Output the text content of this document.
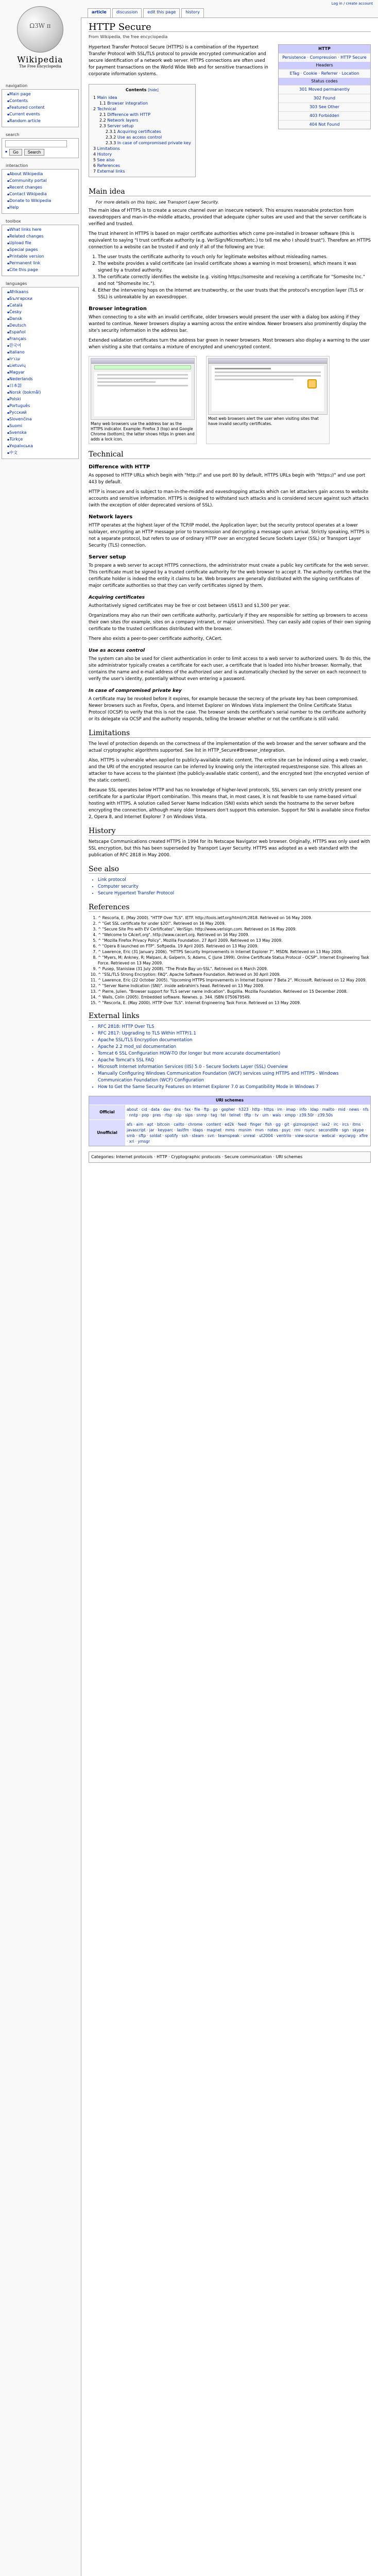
Log in / create account
article	discussion	edit this page	history
ΩЗW п
Wikipedia
The Free Encyclopedia
navigation
▪ Main page
▪ Contents
▪ Featured content
▪ Current events
▪ Random article
search
▪ Go	Search
interaction
▪ About Wikipedia
▪ Community portal
▪ Recent changes
▪ Contact Wikipedia
▪ Donate to Wikipedia
▪ Help
toolbox
▪ What links here
▪ Related changes
▪ Upload file
▪ Special pages
▪ Printable version
▪ Permanent link
▪ Cite this page
languages
▪ Afrikaans
▪ Български
▪ Català
▪ Česky
▪ Dansk
▪ Deutsch
▪ Español
▪ Français
▪ 한국어
▪ Italiano
▪ עברית
▪ Lietuvių
▪ Magyar
▪ Nederlands
▪ 日本語
▪ Norsk (bokmål)
▪ Polski
▪ Português
▪ Русский
▪ Slovenčina
▪ Suomi
▪ Svenska
▪ Türkçe
▪ Українська
▪ 中文
HTTP Secure
From Wikipedia, the free encyclopedia
HTTP
Persistence · Compression · HTTP Secure
Headers
ETag · Cookie · Referrer · Location
Status codes
301 Moved permanently
302 Found
303 See Other
403 Forbidden
404 Not Found

Hypertext Transfer Protocol Secure (HTTPS) is a combination of the Hypertext Transfer Protocol with SSL/TLS protocol to provide encrypted communication and secure identification of a network web server. HTTPS connections are often used for payment transactions on the World Wide Web and for sensitive transactions in corporate information systems.

Contents [hide]
1 Main idea
1.1 Browser integration
2 Technical
2.1 Difference with HTTP
2.2 Network layers
2.3 Server setup
2.3.1 Acquiring certificates
2.3.2 Use as access control
2.3.3 In case of compromised private key
3 Limitations
4 History
5 See also
6 References
7 External links
Main idea
For more details on this topic, see Transport Layer Security.

The main idea of HTTPS is to create a secure channel over an insecure network. This ensures reasonable protection from eavesdroppers and man-in-the-middle attacks, provided that adequate cipher suites are used and that the server certificate is verified and trusted.

The trust inherent in HTTPS is based on major certificate authorities which come pre-installed in browser software (this is equivalent to saying "I trust certificate authority (e.g. VeriSign/Microsoft/etc.) to tell me who I should trust"). Therefore an HTTPS connection to a website can be trusted if and only if all of the following are true:

1. The user trusts the certificate authority to vouch only for legitimate websites without misleading names.
2. The website provides a valid certificate (an invalid certificate shows a warning in most browsers), which means it was signed by a trusted authority.
3. The certificate correctly identifies the website (e.g. visiting https://somesite and receiving a certificate for "Somesite Inc." and not "Shomesite Inc.").
4. Either the intervening hops on the Internet are trustworthy, or the user trusts that the protocol's encryption layer (TLS or SSL) is unbreakable by an eavesdropper.
Browser integration

When connecting to a site with an invalid certificate, older browsers would present the user with a dialog box asking if they wanted to continue. Newer browsers display a warning across the entire window. Newer browsers also prominently display the site's security information in the address bar.

Extended validation certificates turn the address bar green in newer browsers. Most browsers also display a warning to the user when visiting a site that contains a mixture of encrypted and unencrypted content.

Many web browsers use the address bar as the HTTPS indicator. Example: Firefox 3 (top) and Google Chrome (bottom); the latter shows https in green and adds a lock icon.
Most web browsers alert the user when visiting sites that have invalid security certificates.
Technical
Difference with HTTP

As opposed to HTTP URLs which begin with "http://" and use port 80 by default, HTTPS URLs begin with "https://" and use port 443 by default.

HTTP is insecure and is subject to man-in-the-middle and eavesdropping attacks which can let attackers gain access to website accounts and sensitive information. HTTPS is designed to withstand such attacks and is considered secure against such attacks (with the exception of older deprecated versions of SSL).

Network layers

HTTP operates at the highest layer of the TCP/IP model, the Application layer; but the security protocol operates at a lower sublayer, encrypting an HTTP message prior to transmission and decrypting a message upon arrival. Strictly speaking, HTTPS is not a separate protocol, but refers to use of ordinary HTTP over an encrypted Secure Sockets Layer (SSL) or Transport Layer Security (TLS) connection.

Server setup

To prepare a web server to accept HTTPS connections, the administrator must create a public key certificate for the web server. This certificate must be signed by a trusted certificate authority for the web browser to accept it. The authority certifies that the certificate holder is indeed the entity it claims to be. Web browsers are generally distributed with the signing certificates of major certificate authorities so that they can verify certificates signed by them.

Acquiring certificates

Authoritatively signed certificates may be free or cost between US$13 and $1,500 per year.

Organizations may also run their own certificate authority, particularly if they are responsible for setting up browsers to access their own sites (for example, sites on a company intranet, or major universities). They can easily add copies of their own signing certificate to the trusted certificates distributed with the browser.

There also exists a peer-to-peer certificate authority, CACert.

Use as access control

The system can also be used for client authentication in order to limit access to a web server to authorized users. To do this, the site administrator typically creates a certificate for each user, a certificate that is loaded into his/her browser. Normally, that contains the name and e-mail address of the authorized user and is automatically checked by the server on each reconnect to verify the user's identity, potentially without even entering a password.

In case of compromised private key

A certificate may be revoked before it expires, for example because the secrecy of the private key has been compromised. Newer browsers such as Firefox, Opera, and Internet Explorer on Windows Vista implement the Online Certificate Status Protocol (OCSP) to verify that this is not the case. The browser sends the certificate's serial number to the certificate authority or its delegate via OCSP and the authority responds, telling the browser whether or not the certificate is still valid.

Limitations

The level of protection depends on the correctness of the implementation of the web browser and the server software and the actual cryptographic algorithms supported. See list in HTTP_Secure#Browser_integration.

Also, HTTPS is vulnerable when applied to publicly-available static content. The entire site can be indexed using a web crawler, and the URI of the encrypted resource can be inferred by knowing only the intercepted request/response size. This allows an attacker to have access to the plaintext (the publicly-available static content), and the encrypted text (the encrypted version of the static content).

Because SSL operates below HTTP and has no knowledge of higher-level protocols, SSL servers can only strictly present one certificate for a particular IP/port combination. This means that, in most cases, it is not feasible to use name-based virtual hosting with HTTPS. A solution called Server Name Indication (SNI) exists which sends the hostname to the server before encrypting the connection, although many older browsers don't support this extension. Support for SNI is available since Firefox 2, Opera 8, and Internet Explorer 7 on Windows Vista.

History

Netscape Communications created HTTPS in 1994 for its Netscape Navigator web browser. Originally, HTTPS was only used with SSL encryption, but this has been superseded by Transport Layer Security. HTTPS was adopted as a web standard with the publication of RFC 2818 in May 2000.

See also
• Link protocol
• Computer security
• Secure Hypertext Transfer Protocol
References
1. ^ Rescorla, E. (May 2000). "HTTP Over TLS". IETF. http://tools.ietf.org/html/rfc2818. Retrieved on 16 May 2009.
2. ^ "Get SSL certificate for under $20!". Retrieved on 16 May 2009.
3. ^ "Secure Site Pro with EV Certificates". VeriSign. http://www.verisign.com. Retrieved on 16 May 2009.
4. ^ "Welcome to CAcert.org". http://www.cacert.org. Retrieved on 16 May 2009.
5. ^ "Mozilla Firefox Privacy Policy". Mozilla Foundation. 27 April 2009. Retrieved on 13 May 2009.
6. ^ "Opera 8 launched on FTP". Softpedia. 19 April 2005. Retrieved on 13 May 2009.
7. ^ Lawrence, Eric (31 January 2006). "HTTPS Security Improvements in Internet Explorer 7". MSDN. Retrieved on 13 May 2009.
8. ^ "Myers, M; Ankney, R; Malpani, A; Galperin, S; Adams, C (June 1999). Online Certificate Status Protocol - OCSP". Internet Engineering Task Force. Retrieved on 13 May 2009.
9. ^ Pusep, Stanislaw (31 July 2008). "The Pirate Bay un-SSL". Retrieved on 6 March 2009.
10. ^ "SSL/TLS Strong Encryption: FAQ". Apache Software Foundation. Retrieved on 30 April 2009.
11. ^ Lawrence, Eric (22 October 2005). "Upcoming HTTPS Improvements in Internet Explorer 7 Beta 2". Microsoft. Retrieved on 12 May 2009.
12. ^ "Server Name Indication (SNI)". inside aebrahim's head. Retrieved on 13 May 2009.
13. ^ Pierre, Julien. "Browser support for TLS server name indication". Bugzilla. Mozilla Foundation. Retrieved on 15 December 2008.
14. ^ Walls, Colin (2005). Embedded software. Newnes. p. 344. ISBN 0750679549.
15. ^ "Rescorla, E. (May 2000). HTTP Over TLS". Internet Engineering Task Force. Retrieved on 13 May 2009.
External links
• RFC 2818: HTTP Over TLS
• RFC 2817: Upgrading to TLS Within HTTP/1.1
• Apache SSL/TLS Encryption documentation
• Apache 2.2 mod_ssl documentation
• Tomcat 6 SSL Configuration HOW-TO (for longer but more accurate documentation)
• Apache Tomcat's SSL FAQ
• Microsoft Internet Information Services (IIS) 5.0 - Secure Sockets Layer (SSL) Overview
• Manually Configuring Windows Communication Foundation (WCF) services using HTTPS and HTTPS - Windows Communication Foundation (WCF) Configuration
• How to Get the Same Security Features on Internet Explorer 7.0 as Compatibility Mode in Windows 7
URI schemes
Official
about · cid · data · dav · dns · fax · file · ftp · go · gopher · h323 · http · https · im · imap · info · ldap · mailto · mid · news · nfs · nntp · pop · pres · rtsp · sip · sips · snmp · tag · tel · telnet · tftp · tv · urn · wais · xmpp · z39.50r · z39.50s
Unofficial
afs · aim · apt · bitcoin · callto · chrome · content · ed2k · feed · finger · fish · gg · git · gizmoproject · iax2 · irc · ircs · itms · javascript · jar · keyparc · lastfm · ldaps · magnet · mms · msnim · mvn · notes · psyc · rmi · rsync · secondlife · sgn · skype · smb · sftp · soldat · spotify · ssh · steam · svn · teamspeak · unreal · ut2004 · ventrilo · view-source · webcal · wyciwyg · xfire · xri · ymsgr
Categories: Internet protocols · HTTP · Cryptographic protocols · Secure communication · URI schemes
